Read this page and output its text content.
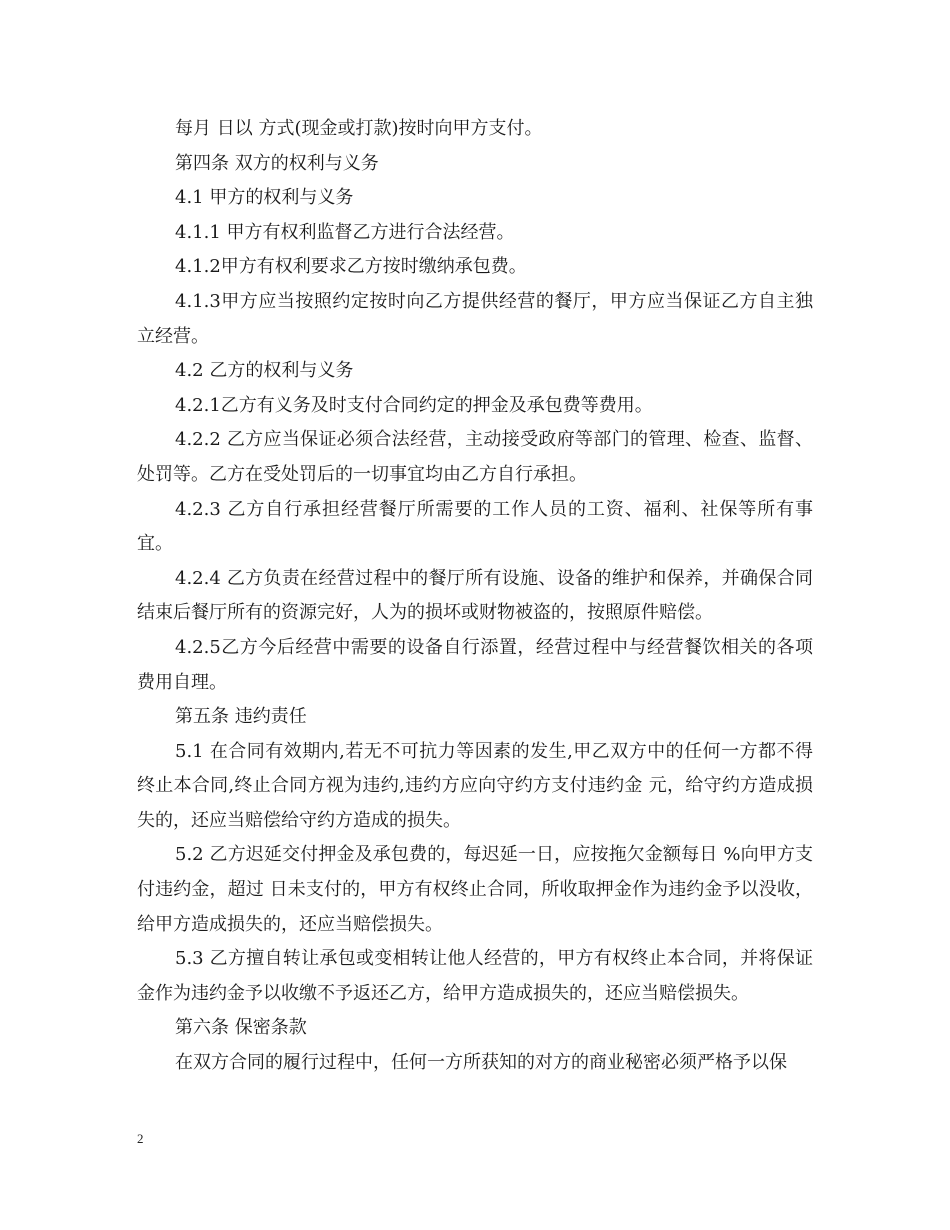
每月 日以 方式(现金或打款)按时向甲方支付。

第四条 双方的权利与义务

4.1 甲方的权利与义务

4.1.1 甲方有权利监督乙方进行合法经营。

4.1.2甲方有权利要求乙方按时缴纳承包费。

4.1.3甲方应当按照约定按时向乙方提供经营的餐厅，甲方应当保证乙方自主独立经营。

4.2 乙方的权利与义务

4.2.1乙方有义务及时支付合同约定的押金及承包费等费用。

4.2.2 乙方应当保证必须合法经营，主动接受政府等部门的管理、检查、监督、处罚等。乙方在受处罚后的一切事宜均由乙方自行承担。

4.2.3 乙方自行承担经营餐厅所需要的工作人员的工资、福利、社保等所有事宜。

4.2.4 乙方负责在经营过程中的餐厅所有设施、设备的维护和保养，并确保合同结束后餐厅所有的资源完好，人为的损坏或财物被盗的，按照原件赔偿。

4.2.5乙方今后经营中需要的设备自行添置，经营过程中与经营餐饮相关的各项费用自理。

第五条 违约责任

5.1 在合同有效期内,若无不可抗力等因素的发生,甲乙双方中的任何一方都不得终止本合同,终止合同方视为违约,违约方应向守约方支付违约金 元，给守约方造成损失的，还应当赔偿给守约方造成的损失。

5.2 乙方迟延交付押金及承包费的，每迟延一日，应按拖欠金额每日 %向甲方支付违约金，超过 日未支付的，甲方有权终止合同，所收取押金作为违约金予以没收，给甲方造成损失的，还应当赔偿损失。

5.3 乙方擅自转让承包或变相转让他人经营的，甲方有权终止本合同，并将保证金作为违约金予以收缴不予返还乙方，给甲方造成损失的，还应当赔偿损失。

第六条 保密条款

在双方合同的履行过程中，任何一方所获知的对方的商业秘密必须严格予以保

2
